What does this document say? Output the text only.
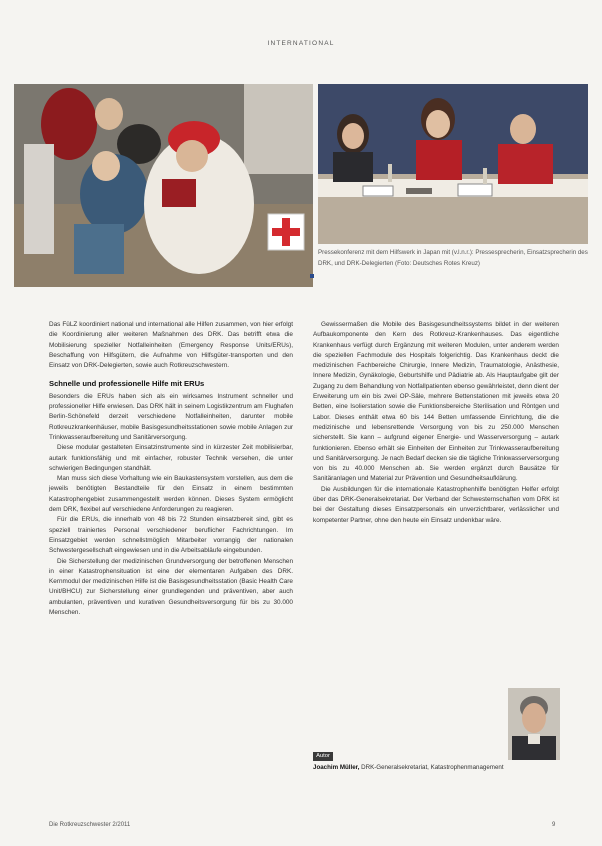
INTERNATIONAL
Pressekonferenz mit dem Hilfswerk in Japan mit (v.l.n.r.): Pressesprecherin, Einsatzsprecherin des DRK, und DRK-Delegierten (Foto: Deutsches Rotes Kreuz)

Das FüLZ koordiniert national und international alle Hilfen zusammen, von hier erfolgt die Koordinierung aller weiteren Maßnahmen des DRK. Das betrifft etwa die Mobilisierung spezieller Notfalleinheiten (Emergency Response Units/ERUs), Beschaffung von Hilfsgütern, die Aufnahme von Hilfsgüter-transporten und den Einsatz von DRK-Delegierten, sowie auch Rotkreuzschwestern.

Schnelle und professionelle Hilfe mit ERUs

Besonders die ERUs haben sich als ein wirksames Instrument schneller und professioneller Hilfe erwiesen. Das DRK hält in seinem Logistikzentrum am Flughafen Berlin-Schönefeld derzeit verschiedene Notfalleinheiten, darunter mobile Rotkreuzkrankenhäuser, mobile Basisgesundheitsstationen sowie mobile Anlagen zur Trinkwasseraufbereitung und Sanitärversorgung.

Diese modular gestalteten Einsatzinstrumente sind in kürzester Zeit mobilisierbar, autark funktionsfähig und mit einfacher, robuster Technik versehen, die unter schwierigen Bedingungen standhält.

Man muss sich diese Vorhaltung wie ein Baukastensystem vorstellen, aus dem die jeweils benötigten Bestandteile für den Einsatz in einem bestimmten Katastrophengebiet zusammengestellt werden können. Dieses System ermöglicht dem DRK, flexibel auf verschiedene Anforderungen zu reagieren.

Für die ERUs, die innerhalb von 48 bis 72 Stunden einsatzbereit sind, gibt es speziell trainiertes Personal verschiedener beruflicher Fachrichtungen. Im Einsatzgebiet werden schnellstmöglich Mitarbeiter vorrangig der nationalen Schwestergesellschaft eingewiesen und in die Arbeitsabläufe eingebunden.

Die Sicherstellung der medizinischen Grundversorgung der betroffenen Menschen in einer Katastrophensituation ist eine der elementaren Aufgaben des DRK. Kernmodul der medizinischen Hilfe ist die Basisgesundheitsstation (Basic Health Care Unit/BHCU) zur Sicherstellung einer grundlegenden und präventiven, aber auch ambulanten, präventiven und kurativen Gesundheitsversorgung für bis zu 30.000 Menschen.

Gewissermaßen die Mobile des Basisgesundheitssystems bildet in der weiteren Aufbaukomponente den Kern des Rotkreuz-Krankenhauses. Das eigentliche Krankenhaus verfügt durch Ergänzung mit weiteren Modulen, unter anderem werden die speziellen Fachmodule des Hospitals folgerichtig. Das Krankenhaus deckt die medizinischen Fachbereiche Chirurgie, Innere Medizin, Traumatologie, Anästhesie, Innere Medizin, Gynäkologie, Geburtshilfe und Pädiatrie ab. Als Hauptaufgabe gilt der Zugang zu dem Behandlung von Notfallpatienten ebenso gewährleistet, denn dient der Erweiterung um ein bis zwei OP-Säle, mehrere Bettenstationen mit jeweils etwa 20 Betten, eine Isolierstation sowie die Funktionsbereiche Sterilisation und Röntgen und Labor. Dieses enthält etwa 60 bis 144 Betten umfassende Einrichtung, die die medizinische und lebensrettende Versorgung von bis zu 250.000 Menschen sicherstellt. Sie kann – aufgrund eigener Energie- und Wasserversorgung – autark funktionieren. Ebenso erhält sie Einheiten der Einheiten zur Trinkwasseraufbereitung und Sanitärversorgung. Je nach Bedarf decken sie die tägliche Trinkwasserversorgung von bis zu 40.000 Menschen ab. Sie werden ergänzt durch Bausätze für Sanitäranlagen und Material zur Prävention und Gesundheitsaufklärung.

Die Ausbildungen für die internationale Katastrophenhilfe benötigten Helfer erfolgt über das DRK-Generalsekretariat. Der Verband der Schwesternschaften vom DRK ist bei der Gestaltung dieses Einsatzpersonals ein unverzichtbarer, verlässlicher und kompetenter Partner, ohne den heute ein Einsatz undenkbar wäre.

Autor
Joachim Müller, DRK-Generalsekretariat, Katastrophenmanagement
Die Rotkreuzschwester 2/2011	9
